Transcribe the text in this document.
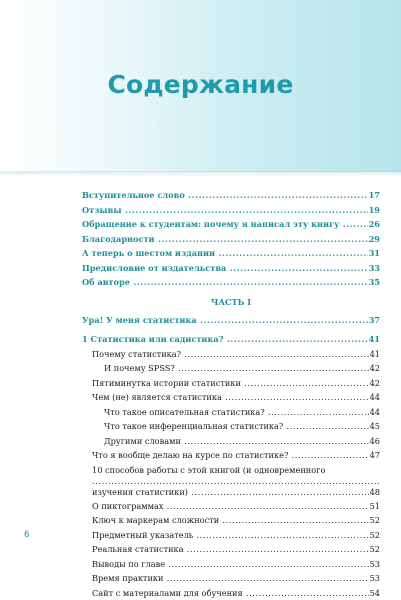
Содержание
Вступительное слово .....	17
Отзывы .....	19
Обращение к студентам: почему я написал эту книгу .....	26
Благодарности .....	29
А теперь о шестом издании .....	31
Предисловие от издательства .....	33
Об авторе .....	35
ЧАСТЬ I
Ура! У меня статистика .....	37
1 Статистика или садистика? .....	41
Почему статистика? .....	41
И почему SPSS? .....	42
Пятиминутка истории статистики .....	42
Чем (не) является статистика .....	44
Что такое описательная статистика? .....	44
Что такое инференциальная статистика? .....	45
Другими словами .....	46
Что я вообще делаю на курсе по статистике? .....	47
10 способов работы с этой книгой (и одновременного .....
изучения статистики) .....	48
О пиктограммах .....	51
Ключ к маркерам сложности .....	52
Предметный указатель .....	52
Реальная статистика .....	52
Выводы по главе .....	53
Время практики .....	53
Сайт с материалами для обучения .....	54
6
